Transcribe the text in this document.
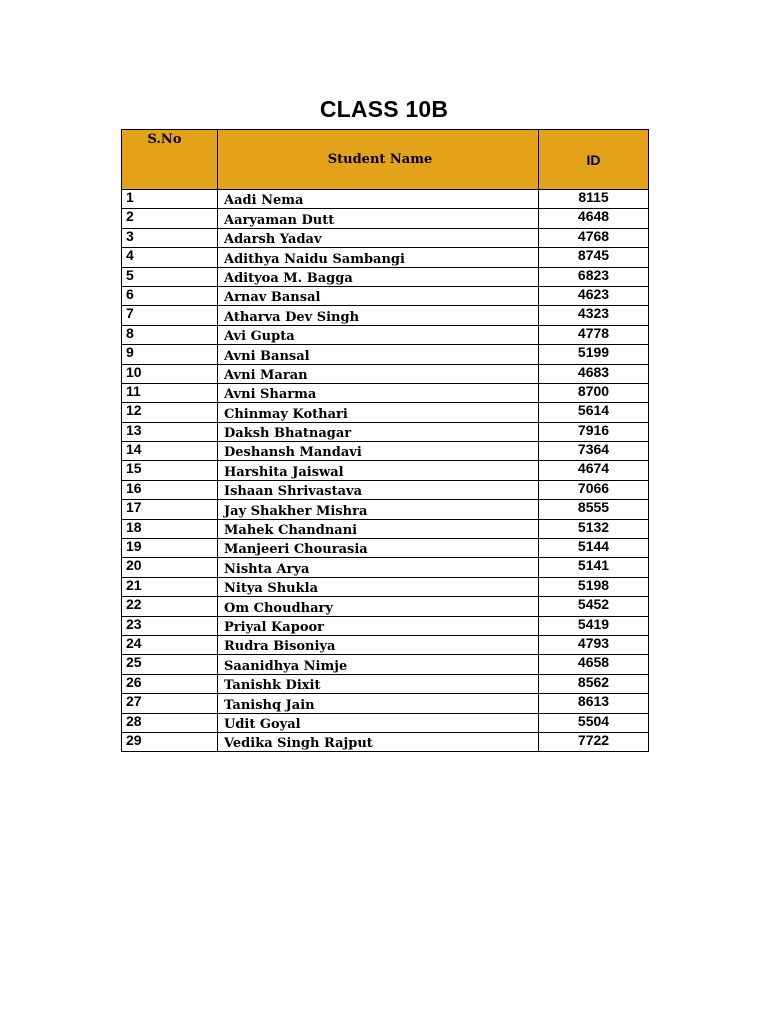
CLASS 10B
S.No	Student Name	ID
1	Aadi Nema	8115
2	Aaryaman Dutt	4648
3	Adarsh Yadav	4768
4	Adithya Naidu Sambangi	8745
5	Adityoa M. Bagga	6823
6	Arnav Bansal	4623
7	Atharva Dev Singh	4323
8	Avi Gupta	4778
9	Avni Bansal	5199
10	Avni Maran	4683
11	Avni Sharma	8700
12	Chinmay Kothari	5614
13	Daksh Bhatnagar	7916
14	Deshansh Mandavi	7364
15	Harshita Jaiswal	4674
16	Ishaan Shrivastava	7066
17	Jay Shakher Mishra	8555
18	Mahek Chandnani	5132
19	Manjeeri Chourasia	5144
20	Nishta Arya	5141
21	Nitya Shukla	5198
22	Om Choudhary	5452
23	Priyal Kapoor	5419
24	Rudra Bisoniya	4793
25	Saanidhya Nimje	4658
26	Tanishk Dixit	8562
27	Tanishq Jain	8613
28	Udit Goyal	5504
29	Vedika Singh Rajput	7722
